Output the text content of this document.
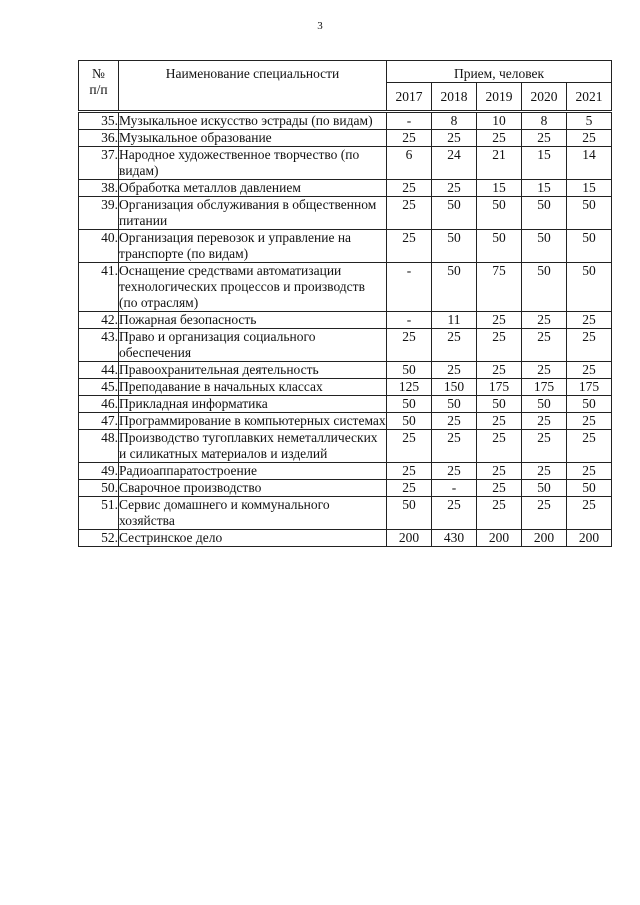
3
№
п/п	Наименование специальности	Прием, человек				
		2017	2018	2019	2020	2021
35.	Музыкальное искусство эстрады (по видам)	-	8	10	8	5
36.	Музыкальное образование	25	25	25	25	25
37.	Народное художественное творчество (по видам)	6	24	21	15	14
38.	Обработка металлов давлением	25	25	15	15	15
39.	Организация обслуживания в общественном питании	25	50	50	50	50
40.	Организация перевозок и управление на транспорте (по видам)	25	50	50	50	50
41.	Оснащение средствами автоматизации технологических процессов и производств (по отраслям)	-	50	75	50	50
42.	Пожарная безопасность	-	11	25	25	25
43.	Право и организация социального обеспечения	25	25	25	25	25
44.	Правоохранительная деятельность	50	25	25	25	25
45.	Преподавание в начальных классах	125	150	175	175	175
46.	Прикладная информатика	50	50	50	50	50
47.	Программирование в компьютерных системах	50	25	25	25	25
48.	Производство тугоплавких неметаллических и силикатных материалов и изделий	25	25	25	25	25
49.	Радиоаппаратостроение	25	25	25	25	25
50.	Сварочное производство	25	-	25	50	50
51.	Сервис домашнего и коммунального хозяйства	50	25	25	25	25
52.	Сестринское дело	200	430	200	200	200
